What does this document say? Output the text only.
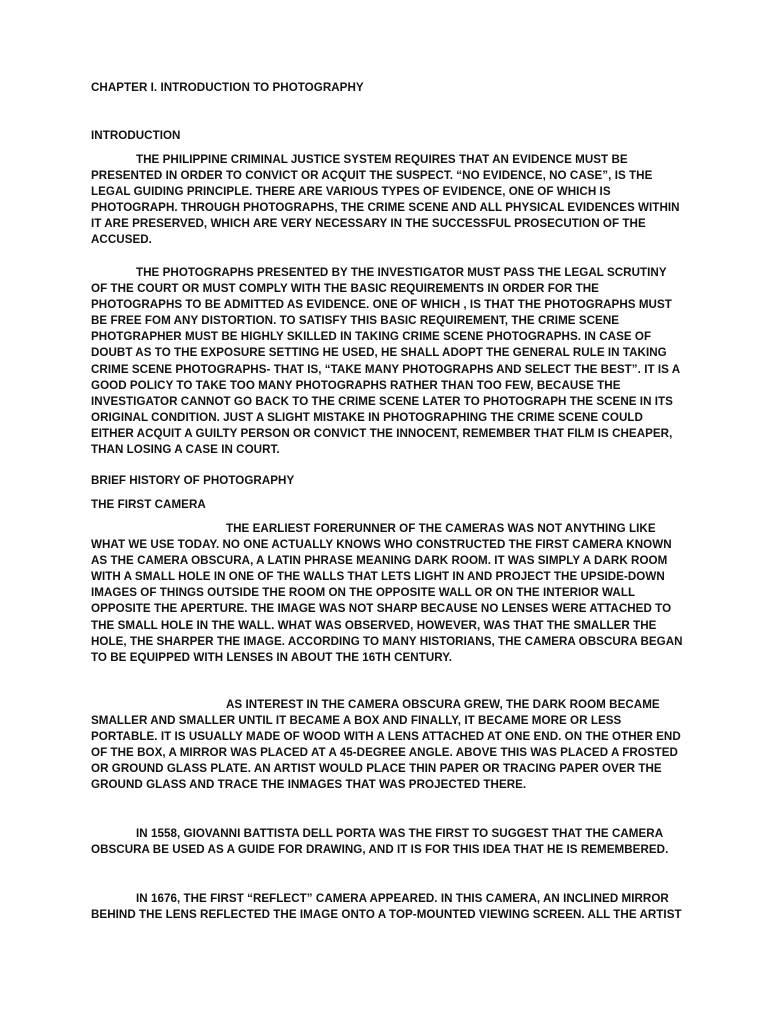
CHAPTER I. INTRODUCTION TO PHOTOGRAPHY

INTRODUCTION

THE PHILIPPINE CRIMINAL JUSTICE SYSTEM REQUIRES THAT AN EVIDENCE MUST BE PRESENTED IN ORDER TO CONVICT OR ACQUIT THE SUSPECT. “NO EVIDENCE, NO CASE”, IS THE LEGAL GUIDING PRINCIPLE. THERE ARE VARIOUS TYPES OF EVIDENCE, ONE OF WHICH IS PHOTOGRAPH. THROUGH PHOTOGRAPHS, THE CRIME SCENE AND ALL PHYSICAL EVIDENCES WITHIN IT ARE PRESERVED, WHICH ARE VERY NECESSARY IN THE SUCCESSFUL PROSECUTION OF THE ACCUSED.

THE PHOTOGRAPHS PRESENTED BY THE INVESTIGATOR MUST PASS THE LEGAL SCRUTINY OF THE COURT OR MUST COMPLY WITH THE BASIC REQUIREMENTS IN ORDER FOR THE PHOTOGRAPHS TO BE ADMITTED AS EVIDENCE. ONE OF WHICH , IS THAT THE PHOTOGRAPHS MUST BE FREE FOM ANY DISTORTION. TO SATISFY THIS BASIC REQUIREMENT, THE CRIME SCENE PHOTGRAPHER MUST BE HIGHLY SKILLED IN TAKING CRIME SCENE PHOTOGRAPHS. IN CASE OF DOUBT AS TO THE EXPOSURE SETTING HE USED, HE SHALL ADOPT THE GENERAL RULE IN TAKING CRIME SCENE PHOTOGRAPHS- THAT IS, “TAKE MANY PHOTOGRAPHS AND SELECT THE BEST”. IT IS A GOOD POLICY TO TAKE TOO MANY PHOTOGRAPHS RATHER THAN TOO FEW, BECAUSE THE INVESTIGATOR CANNOT GO BACK TO THE CRIME SCENE LATER TO PHOTOGRAPH THE SCENE IN ITS ORIGINAL CONDITION. JUST A SLIGHT MISTAKE IN PHOTOGRAPHING THE CRIME SCENE COULD EITHER ACQUIT A GUILTY PERSON OR CONVICT THE INNOCENT, REMEMBER THAT FILM IS CHEAPER, THAN LOSING A CASE IN COURT.

BRIEF HISTORY OF PHOTOGRAPHY

THE FIRST CAMERA

THE EARLIEST FORERUNNER OF THE CAMERAS WAS NOT ANYTHING LIKE WHAT WE USE TODAY. NO ONE ACTUALLY KNOWS WHO CONSTRUCTED THE FIRST CAMERA KNOWN AS THE CAMERA OBSCURA, A LATIN PHRASE MEANING DARK ROOM. IT WAS SIMPLY A DARK ROOM WITH A SMALL HOLE IN ONE OF THE WALLS THAT LETS LIGHT IN AND PROJECT THE UPSIDE-DOWN IMAGES OF THINGS OUTSIDE THE ROOM ON THE OPPOSITE WALL OR ON THE INTERIOR WALL OPPOSITE THE APERTURE. THE IMAGE WAS NOT SHARP BECAUSE NO LENSES WERE ATTACHED TO THE SMALL HOLE IN THE WALL. WHAT WAS OBSERVED, HOWEVER, WAS THAT THE SMALLER THE HOLE, THE SHARPER THE IMAGE. ACCORDING TO MANY HISTORIANS, THE CAMERA OBSCURA BEGAN TO BE EQUIPPED WITH LENSES IN ABOUT THE 16TH CENTURY.

AS INTEREST IN THE CAMERA OBSCURA GREW, THE DARK ROOM BECAME SMALLER AND SMALLER UNTIL IT BECAME A BOX AND FINALLY, IT BECAME MORE OR LESS PORTABLE. IT IS USUALLY MADE OF WOOD WITH A LENS ATTACHED AT ONE END. ON THE OTHER END OF THE BOX, A MIRROR WAS PLACED AT A 45-DEGREE ANGLE. ABOVE THIS WAS PLACED A FROSTED OR GROUND GLASS PLATE. AN ARTIST WOULD PLACE THIN PAPER OR TRACING PAPER OVER THE GROUND GLASS AND TRACE THE INMAGES THAT WAS PROJECTED THERE.

IN 1558, GIOVANNI BATTISTA DELL PORTA WAS THE FIRST TO SUGGEST THAT THE CAMERA OBSCURA BE USED AS A GUIDE FOR DRAWING, AND IT IS FOR THIS IDEA THAT HE IS REMEMBERED.

IN 1676, THE FIRST “REFLECT” CAMERA APPEARED. IN THIS CAMERA, AN INCLINED MIRROR BEHIND THE LENS REFLECTED THE IMAGE ONTO A TOP-MOUNTED VIEWING SCREEN. ALL THE ARTIST
